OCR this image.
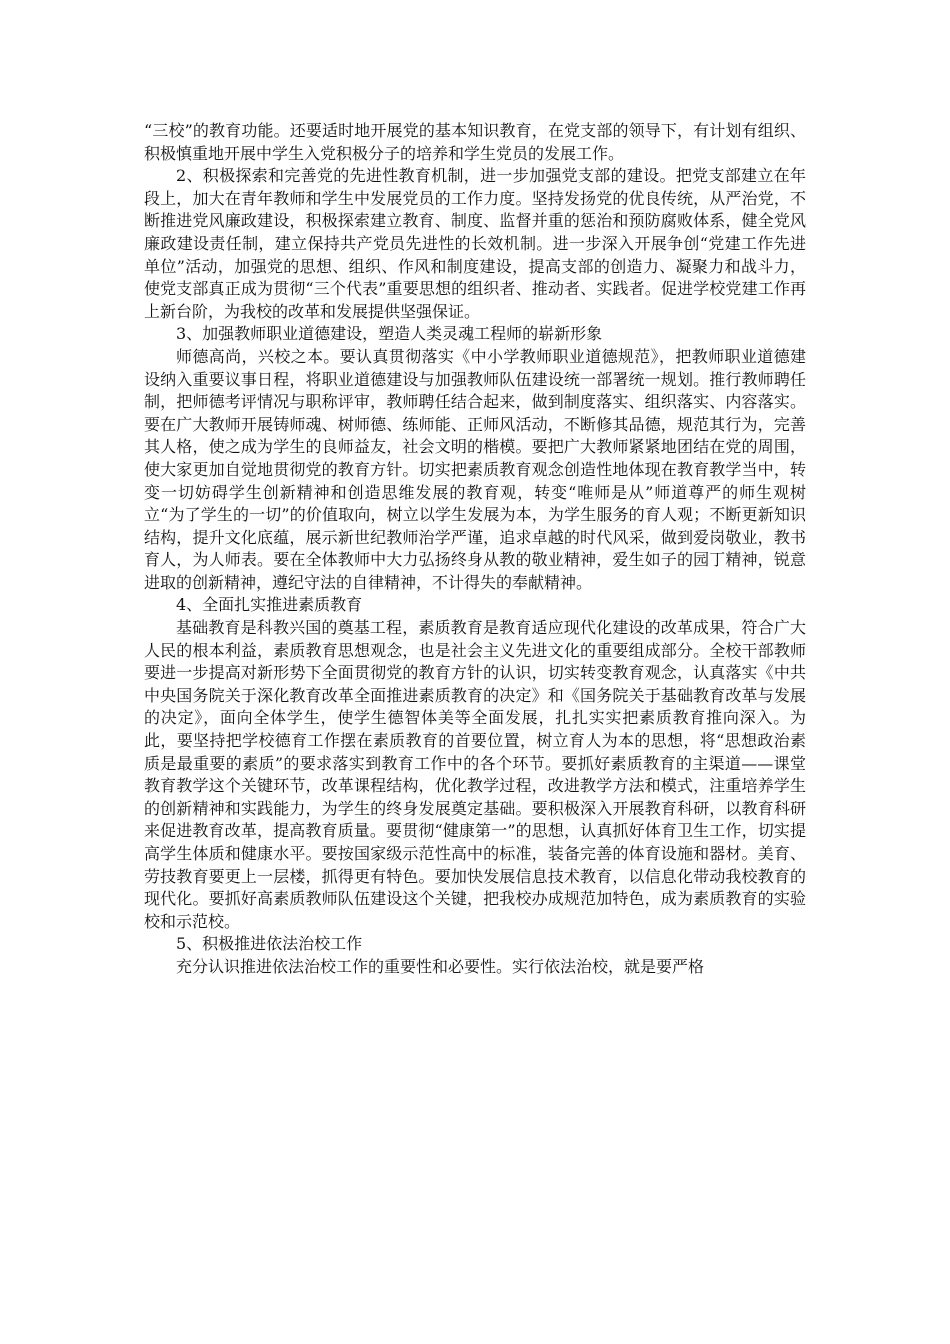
“三校”的教育功能。还要适时地开展党的基本知识教育，在党支部的领导下，有计划有组织、积极慎重地开展中学生入党积极分子的培养和学生党员的发展工作。

2、积极探索和完善党的先进性教育机制，进一步加强党支部的建设。把党支部建立在年段上，加大在青年教师和学生中发展党员的工作力度。坚持发扬党的优良传统，从严治党，不断推进党风廉政建设，积极探索建立教育、制度、监督并重的惩治和预防腐败体系，健全党风廉政建设责任制，建立保持共产党员先进性的长效机制。进一步深入开展争创“党建工作先进单位”活动，加强党的思想、组织、作风和制度建设，提高支部的创造力、凝聚力和战斗力，使党支部真正成为贯彻“三个代表”重要思想的组织者、推动者、实践者。促进学校党建工作再上新台阶，为我校的改革和发展提供坚强保证。

3、加强教师职业道德建设，塑造人类灵魂工程师的崭新形象

师德高尚，兴校之本。要认真贯彻落实《中小学教师职业道德规范》，把教师职业道德建设纳入重要议事日程，将职业道德建设与加强教师队伍建设统一部署统一规划。推行教师聘任制，把师德考评情况与职称评审，教师聘任结合起来，做到制度落实、组织落实、内容落实。要在广大教师开展铸师魂、树师德、练师能、正师风活动，不断修其品德，规范其行为，完善其人格，使之成为学生的良师益友，社会文明的楷模。要把广大教师紧紧地团结在党的周围，使大家更加自觉地贯彻党的教育方针。切实把素质教育观念创造性地体现在教育教学当中，转变一切妨碍学生创新精神和创造思维发展的教育观，转变“唯师是从”师道尊严的师生观树立“为了学生的一切”的价值取向，树立以学生发展为本，为学生服务的育人观；不断更新知识结构，提升文化底蕴，展示新世纪教师治学严谨，追求卓越的时代风采，做到爱岗敬业，教书育人，为人师表。要在全体教师中大力弘扬终身从教的敬业精神，爱生如子的园丁精神，锐意进取的创新精神，遵纪守法的自律精神，不计得失的奉献精神。

4、全面扎实推进素质教育

基础教育是科教兴国的奠基工程，素质教育是教育适应现代化建设的改革成果，符合广大人民的根本利益，素质教育思想观念，也是社会主义先进文化的重要组成部分。全校干部教师要进一步提高对新形势下全面贯彻党的教育方针的认识，切实转变教育观念，认真落实《中共中央国务院关于深化教育改革全面推进素质教育的决定》和《国务院关于基础教育改革与发展的决定》，面向全体学生，使学生德智体美等全面发展，扎扎实实把素质教育推向深入。为此，要坚持把学校德育工作摆在素质教育的首要位置，树立育人为本的思想，将“思想政治素质是最重要的素质”的要求落实到教育工作中的各个环节。要抓好素质教育的主渠道——课堂教育教学这个关键环节，改革课程结构，优化教学过程，改进教学方法和模式，注重培养学生的创新精神和实践能力，为学生的终身发展奠定基础。要积极深入开展教育科研，以教育科研来促进教育改革，提高教育质量。要贯彻“健康第一”的思想，认真抓好体育卫生工作，切实提高学生体质和健康水平。要按国家级示范性高中的标准，装备完善的体育设施和器材。美育、劳技教育要更上一层楼，抓得更有特色。要加快发展信息技术教育，以信息化带动我校教育的现代化。要抓好高素质教师队伍建设这个关键，把我校办成规范加特色，成为素质教育的实验校和示范校。

5、积极推进依法治校工作

充分认识推进依法治校工作的重要性和必要性。实行依法治校，就是要严格
